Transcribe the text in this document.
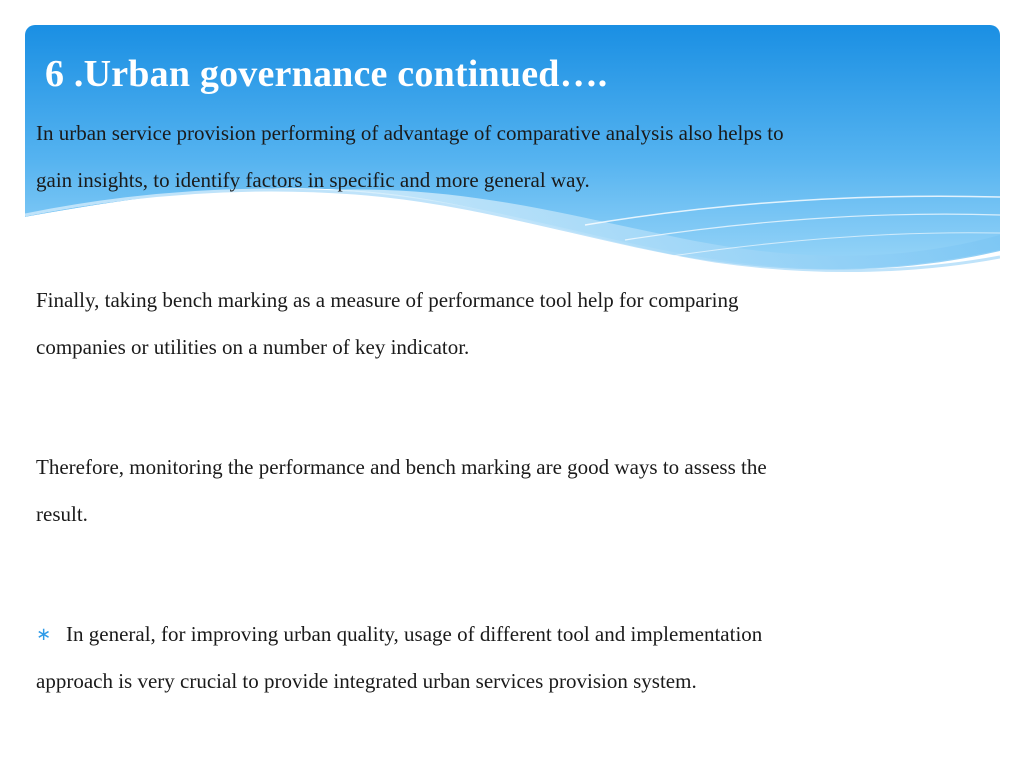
6 .Urban governance continued….

In urban service provision performing of advantage of comparative analysis also helps to
gain insights, to identify factors in specific and more general way.

Finally, taking bench marking as a measure of performance tool help for comparing
companies or utilities on a number of key indicator.

Therefore, monitoring the performance and bench marking are good ways to assess the
result.

∗ In general, for improving urban quality, usage of different tool and implementation
approach is very crucial to provide integrated urban services provision system.
